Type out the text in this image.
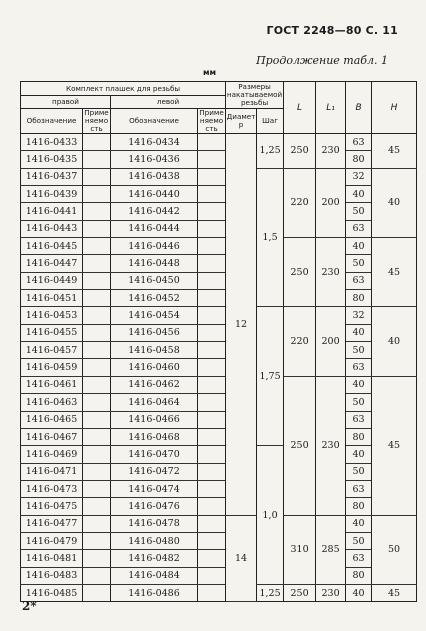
ГОСТ 2248—80 С. 11
Продолжение табл. 1
мм
Комплект плашек для резьбы				Размеры накатываемой резьбы		L	L₁	B	H
правой		левой							
Обозначение	Применяемость	Обозначение	Применяемость	Диаметр	Шаг				
1416-0433		1416-0434		12	1,25	250	230	63	45
1416-0435		1416-0436						80	
1416-0437		1416-0438			1,5	220	200	32	40
1416-0439		1416-0440						40	
1416-0441		1416-0442						50	
1416-0443		1416-0444						63	
1416-0445		1416-0446				250	230	40	45
1416-0447		1416-0448						50	
1416-0449		1416-0450						63	
1416-0451		1416-0452						80	
1416-0453		1416-0454			1,75	220	200	32	40
1416-0455		1416-0456						40	
1416-0457		1416-0458						50	
1416-0459		1416-0460						63	
1416-0461		1416-0462				250	230	40	45
1416-0463		1416-0464						50	
1416-0465		1416-0466						63	
1416-0467		1416-0468						80	
1416-0469		1416-0470			1,0			40	
1416-0471		1416-0472						50	
1416-0473		1416-0474						63	
1416-0475		1416-0476						80	
1416-0477		1416-0478		14		310	285	40	50
1416-0479		1416-0480						50	
1416-0481		1416-0482						63	
1416-0483		1416-0484						80	
1416-0485		1416-0486			1,25	250	230	40	45
2*
